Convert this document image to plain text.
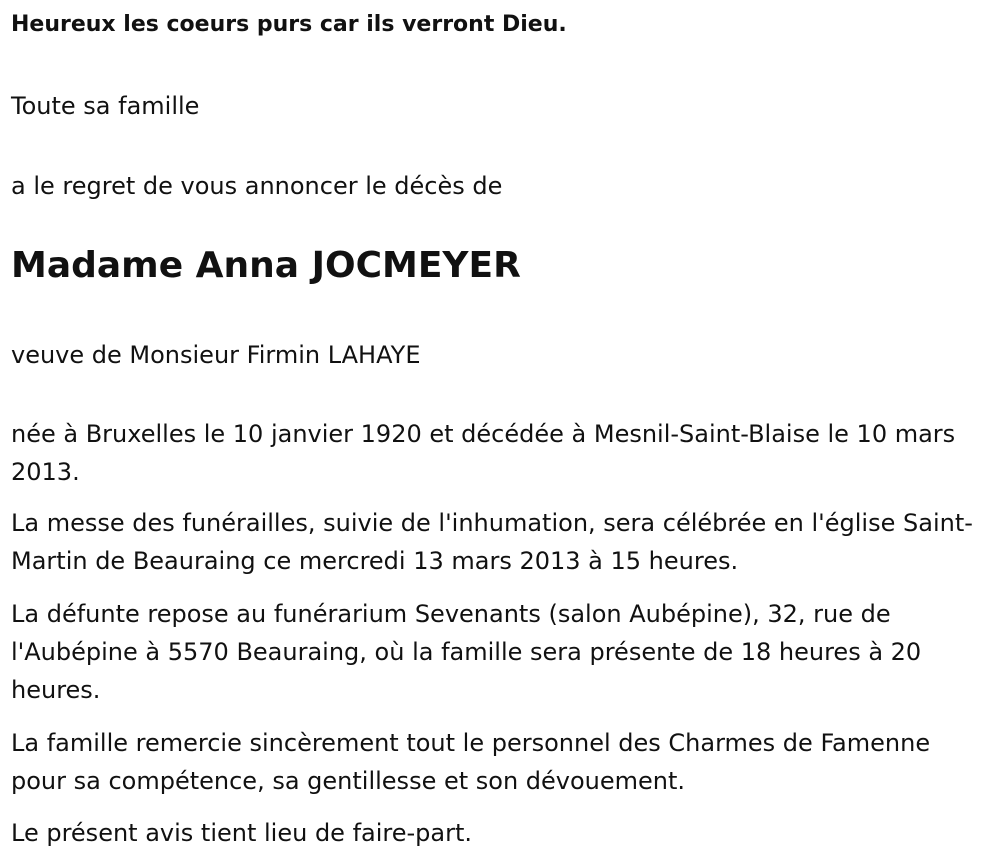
Heureux les coeurs purs car ils verront Dieu.

Toute sa famille

a le regret de vous annoncer le décès de

Madame Anna JOCMEYER

veuve de Monsieur Firmin LAHAYE

née à Bruxelles le 10 janvier 1920 et décédée à Mesnil-Saint-Blaise le 10 mars 2013.

La messe des funérailles, suivie de l'inhumation, sera célébrée en l'église Saint-Martin de Beauraing ce mercredi 13 mars 2013 à 15 heures.

La défunte repose au funérarium Sevenants (salon Aubépine), 32, rue de l'Aubépine à 5570 Beauraing, où la famille sera présente de 18 heures à 20 heures.

La famille remercie sincèrement tout le personnel des Charmes de Famenne pour sa compétence, sa gentillesse et son dévouement.

Le présent avis tient lieu de faire-part.
